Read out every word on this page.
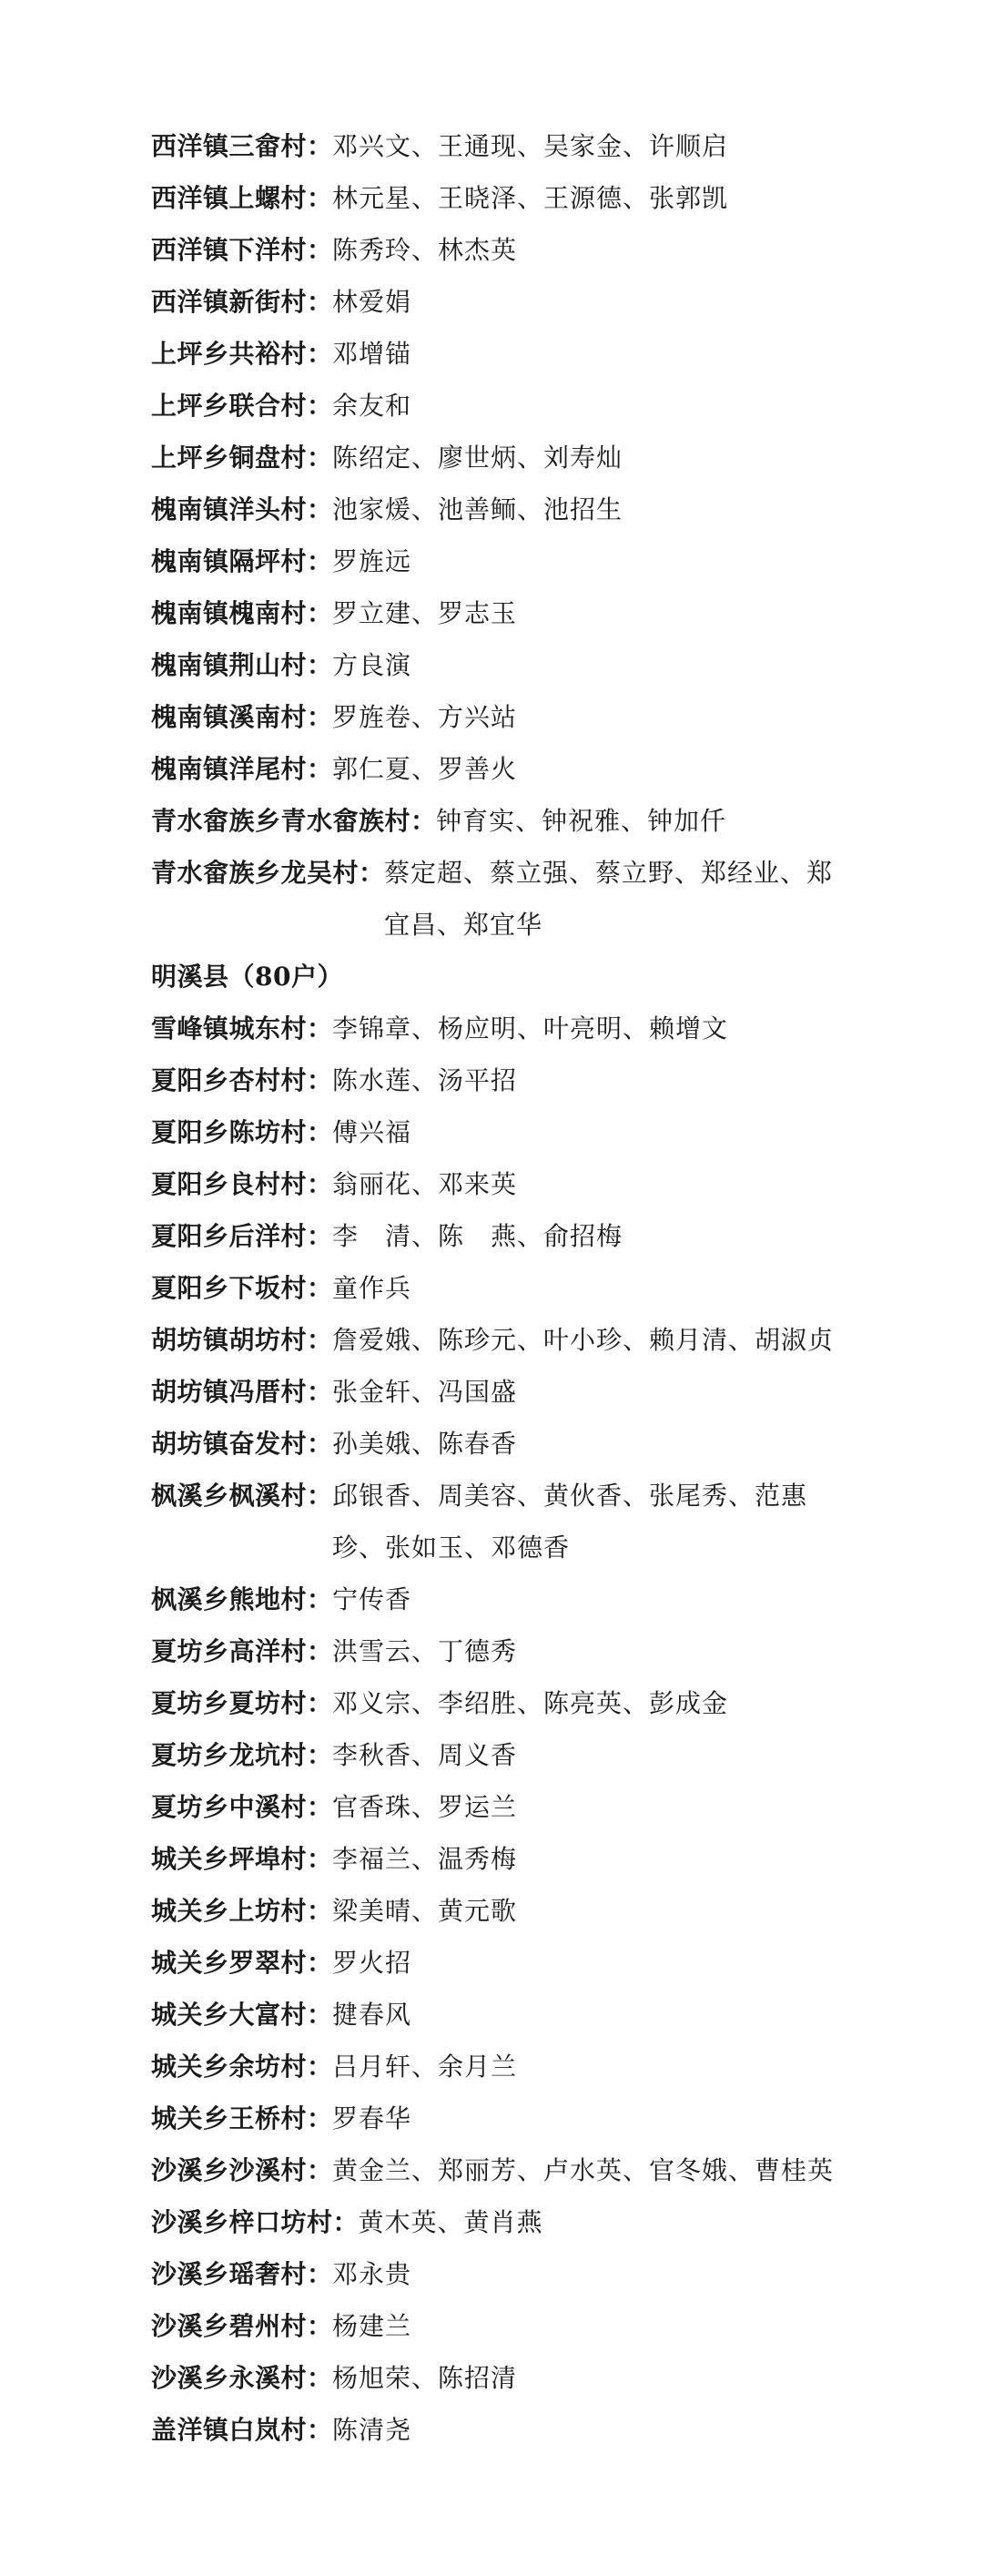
西洋镇三畲村 ： 邓兴文、王通现、吴家金、许顺启
西洋镇上螺村 ： 林元星、王晓泽、王源德、张郭凯
西洋镇下洋村 ： 陈秀玲、林杰英
西洋镇新街村 ： 林爱娟
上坪乡共裕村 ： 邓增锚
上坪乡联合村 ： 余友和
上坪乡铜盘村 ： 陈绍定、廖世炳、刘寿灿
槐南镇洋头村 ： 池家煖、池善鲕、池招生
槐南镇隔坪村 ： 罗旌远
槐南镇槐南村 ： 罗立建、罗志玉
槐南镇荆山村 ： 方良演
槐南镇溪南村 ： 罗旌卷、方兴站
槐南镇洋尾村 ： 郭仁夏、罗善火
青水畲族乡青水畲族村 ： 钟育实、钟祝雅、钟加仟
青水畲族乡龙吴村 ： 蔡定超、蔡立强、蔡立野、郑经业、郑宜昌、郑宜华
明溪县（80户）
雪峰镇城东村 ： 李锦章、杨应明、叶亮明、赖增文
夏阳乡杏村村 ： 陈水莲、汤平招
夏阳乡陈坊村 ： 傅兴福
夏阳乡良村村 ： 翁丽花、邓来英
夏阳乡后洋村 ： 李　清、陈　燕、俞招梅
夏阳乡下坂村 ： 童作兵
胡坊镇胡坊村 ： 詹爱娥、陈珍元、叶小珍、赖月清、胡淑贞
胡坊镇冯厝村 ： 张金轩、冯国盛
胡坊镇奋发村 ： 孙美娥、陈春香
枫溪乡枫溪村 ： 邱银香、周美容、黄伙香、张尾秀、范惠珍、张如玉、邓德香
枫溪乡熊地村 ： 宁传香
夏坊乡高洋村 ： 洪雪云、丁德秀
夏坊乡夏坊村 ： 邓义宗、李绍胜、陈亮英、彭成金
夏坊乡龙坑村 ： 李秋香、周义香
夏坊乡中溪村 ： 官香珠、罗运兰
城关乡坪埠村 ： 李福兰、温秀梅
城关乡上坊村 ： 梁美晴、黄元歌
城关乡罗翠村 ： 罗火招
城关乡大富村 ： 揵春风
城关乡余坊村 ： 吕月轩、余月兰
城关乡王桥村 ： 罗春华
沙溪乡沙溪村 ： 黄金兰、郑丽芳、卢水英、官冬娥、曹桂英
沙溪乡梓口坊村 ： 黄木英、黄肖燕
沙溪乡瑶奢村 ： 邓永贵
沙溪乡碧州村 ： 杨建兰
沙溪乡永溪村 ： 杨旭荣、陈招清
盖洋镇白岚村 ： 陈清尧
